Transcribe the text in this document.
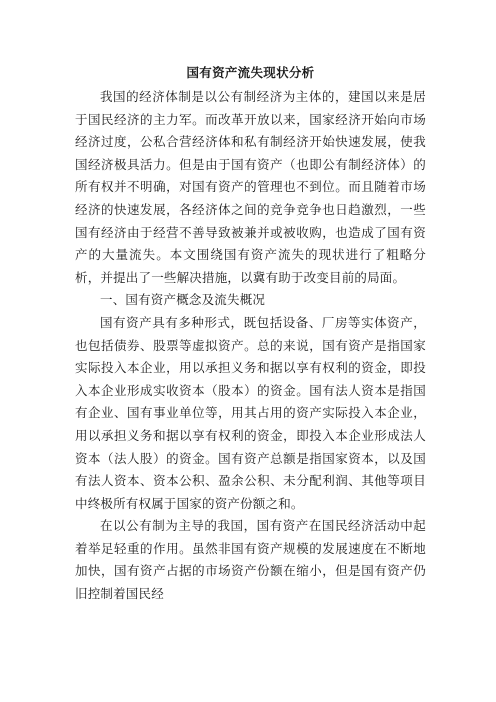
国有资产流失现状分析

我国的经济体制是以公有制经济为主体的，建国以来是居于国民经济的主力军。而改革开放以来，国家经济开始向市场经济过度，公私合营经济体和私有制经济开始快速发展，使我国经济极具活力。但是由于国有资产（也即公有制经济体）的所有权并不明确，对国有资产的管理也不到位。而且随着市场经济的快速发展，各经济体之间的竞争竞争也日趋激烈，一些国有经济由于经营不善导致被兼并或被收购，也造成了国有资产的大量流失。本文围绕国有资产流失的现状进行了粗略分析，并提出了一些解决措施，以冀有助于改变目前的局面。

一、国有资产概念及流失概况

国有资产具有多种形式，既包括设备、厂房等实体资产，也包括债券、股票等虚拟资产。总的来说，国有资产是指国家实际投入本企业，用以承担义务和据以享有权利的资金，即投入本企业形成实收资本（股本）的资金。国有法人资本是指国有企业、国有事业单位等，用其占用的资产实际投入本企业，用以承担义务和据以享有权利的资金，即投入本企业形成法人资本（法人股）的资金。国有资产总额是指国家资本，以及国有法人资本、资本公积、盈余公积、未分配利润、其他等项目中终极所有权属于国家的资产份额之和。

在以公有制为主导的我国，国有资产在国民经济活动中起着举足轻重的作用。虽然非国有资产规模的发展速度在不断地加快，国有资产占据的市场资产份额在缩小，但是国有资产仍旧控制着国民经
